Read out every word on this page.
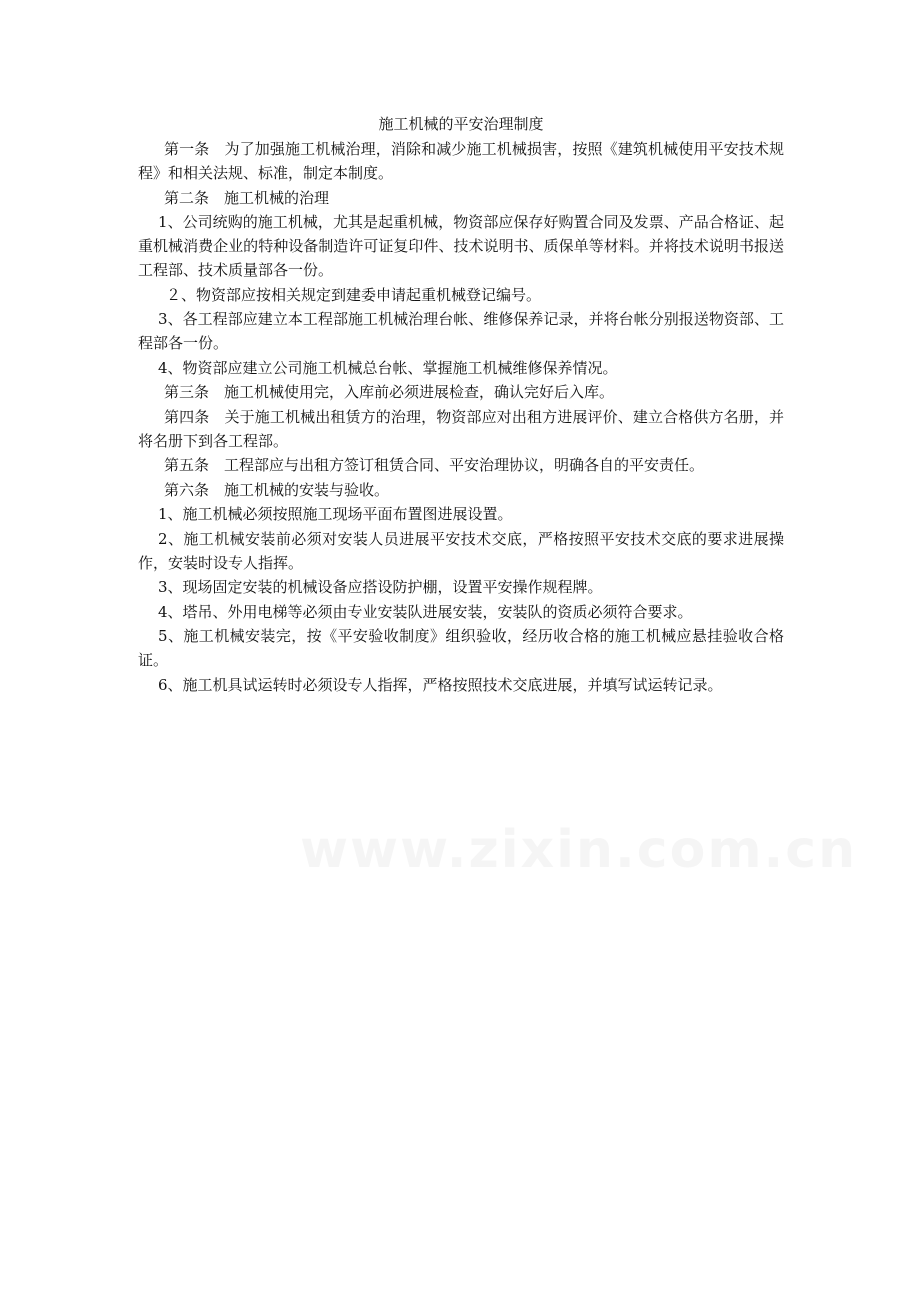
施工机械的平安治理制度

第一条　为了加强施工机械治理，消除和减少施工机械损害，按照《建筑机械使用平安技术规程》和相关法规、标准，制定本制度。

第二条　施工机械的治理

1、公司统购的施工机械，尤其是起重机械，物资部应保存好购置合同及发票、产品合格证、起重机械消费企业的特种设备制造许可证复印件、技术说明书、质保单等材料。并将技术说明书报送工程部、技术质量部各一份。

２、物资部应按相关规定到建委申请起重机械登记编号。

3、各工程部应建立本工程部施工机械治理台帐、维修保养记录，并将台帐分别报送物资部、工程部各一份。

4、物资部应建立公司施工机械总台帐、掌握施工机械维修保养情况。

第三条　施工机械使用完，入库前必须进展检查，确认完好后入库。

第四条　关于施工机械出租赁方的治理，物资部应对出租方进展评价、建立合格供方名册，并将名册下到各工程部。

第五条　工程部应与出租方签订租赁合同、平安治理协议，明确各自的平安责任。

第六条　施工机械的安装与验收。

1、施工机械必须按照施工现场平面布置图进展设置。

2、施工机械安装前必须对安装人员进展平安技术交底，严格按照平安技术交底的要求进展操作，安装时设专人指挥。

3、现场固定安装的机械设备应搭设防护棚，设置平安操作规程牌。

4、塔吊、外用电梯等必须由专业安装队进展安装，安装队的资质必须符合要求。

5、施工机械安装完，按《平安验收制度》组织验收，经历收合格的施工机械应悬挂验收合格证。

6、施工机具试运转时必须设专人指挥，严格按照技术交底进展，并填写试运转记录。

www.zixin.com.cn
